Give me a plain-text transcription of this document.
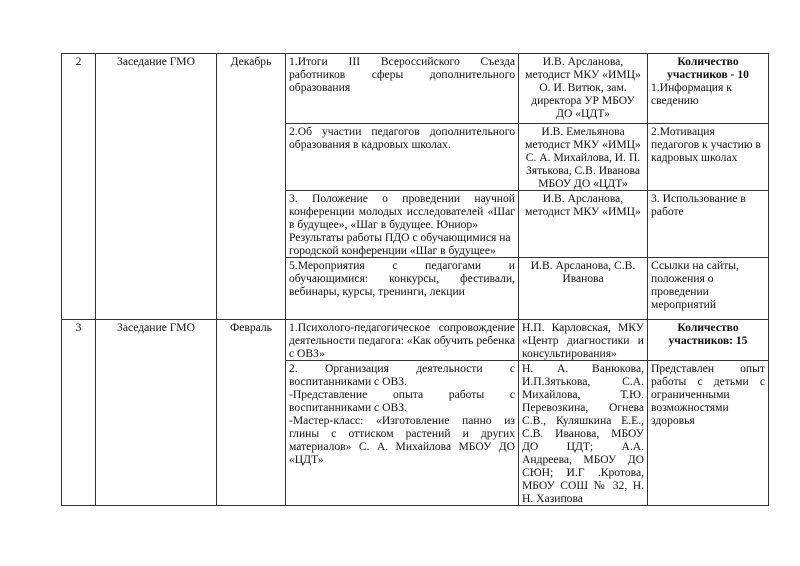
2	Заседание ГМО	Декабрь	1.Итоги III Всероссийского Съезда работников сферы дополнительного образования	И.В. Арсланова, методист МКУ «ИМЦ» О. И. Витюк, зам. директора УР МБОУ ДО «ЦДТ»	Количество участников - 10
1.Информация к сведению

			2.Об участии педагогов дополнительного образования в кадровых школах.	И.В. Емельянова методист МКУ «ИМЦ» С. А. Михайлова, И. П. Зятькова, С.В. Иванова МБОУ ДО «ЦДТ»	2.Мотивация педагогов к участию в кадровых школах

			3. Положение о проведении научной конференции молодых исследователей «Шаг в будущее», «Шаг в будущее. Юниор»
Результаты работы ПДО с обучающимися на городской конференции «Шаг в будущее»	И.В. Арсланова, методист МКУ «ИМЦ»	3. Использование в работе
			5.Мероприятия с педагогами и обучающимися: конкурсы, фестивали, вебинары, курсы, тренинги, лекции	И.В. Арсланова, С.В. Иванова	Ссылки на сайты, положения о проведении мероприятий
3	Заседание ГМО	Февраль	1.Психолого-педагогическое сопровождение деятельности педагога: «Как обучить ребенка с ОВЗ»	Н.П. Карловская, МКУ «Центр диагностики и консультирования»	Количество участников: 15

			2. Организация деятельности с воспитанниками с ОВЗ.
-Представление опыта работы с воспитанниками с ОВЗ.
-Мастер-класс: «Изготовление панно из глины с оттиском растений и других материалов» С. А. Михайлова МБОУ ДО «ЦДТ»	Н. А. Ванюкова, И.П.Зятькова, С.А. Михайлова, Т.Ю. Перевозкина, Огнева С.В., Куляшкина Е.Е., С.В. Иванова, МБОУ ДО ЦДТ; А.А. Андреева, МБОУ ДО СЮН; И.Г .Кротова, МБОУ СОШ № 32, Н. Н. Хазипова	Представлен опыт работы с детьми с ограниченными возможностями здоровья
